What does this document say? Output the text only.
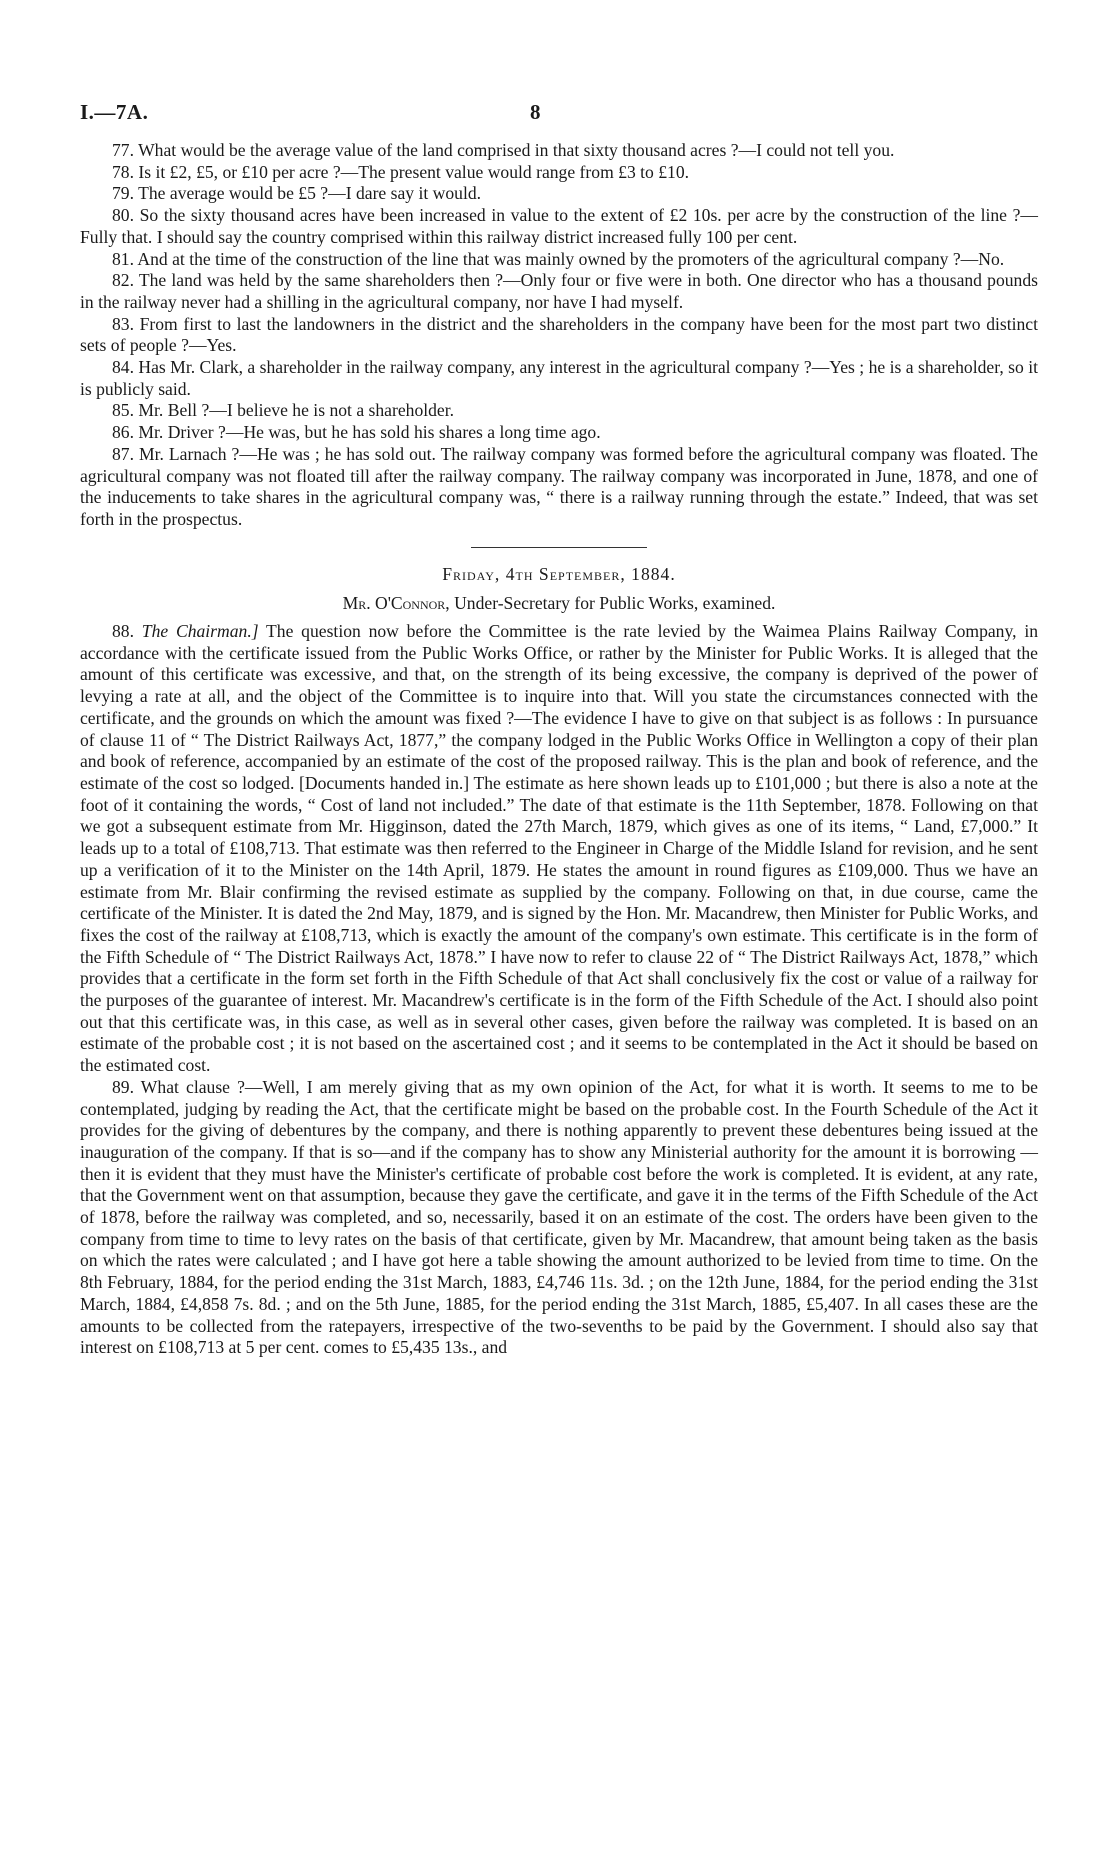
I.—7A.	8

77. What would be the average value of the land comprised in that sixty thousand acres ?—I could not tell you.

78. Is it £2, £5, or £10 per acre ?—The present value would range from £3 to £10.

79. The average would be £5 ?—I dare say it would.

80. So the sixty thousand acres have been increased in value to the extent of £2 10s. per acre by the construction of the line ?—Fully that. I should say the country comprised within this railway district increased fully 100 per cent.

81. And at the time of the construction of the line that was mainly owned by the promoters of the agricultural company ?—No.

82. The land was held by the same shareholders then ?—Only four or five were in both. One director who has a thousand pounds in the railway never had a shilling in the agricultural company, nor have I had myself.

83. From first to last the landowners in the district and the shareholders in the company have been for the most part two distinct sets of people ?—Yes.

84. Has Mr. Clark, a shareholder in the railway company, any interest in the agricultural company ?—Yes ; he is a shareholder, so it is publicly said.

85. Mr. Bell ?—I believe he is not a shareholder.

86. Mr. Driver ?—He was, but he has sold his shares a long time ago.

87. Mr. Larnach ?—He was ; he has sold out. The railway company was formed before the agricultural company was floated. The agricultural company was not floated till after the railway company. The railway company was incorporated in June, 1878, and one of the inducements to take shares in the agricultural company was, “ there is a railway running through the estate.” Indeed, that was set forth in the prospectus.

Friday, 4th September, 1884.

Mr. O'Connor, Under-Secretary for Public Works, examined.

88. The Chairman.] The question now before the Committee is the rate levied by the Waimea Plains Railway Company, in accordance with the certificate issued from the Public Works Office, or rather by the Minister for Public Works. It is alleged that the amount of this certificate was excessive, and that, on the strength of its being excessive, the company is deprived of the power of levying a rate at all, and the object of the Committee is to inquire into that. Will you state the circumstances connected with the certificate, and the grounds on which the amount was fixed ?—The evidence I have to give on that subject is as follows : In pursuance of clause 11 of “ The District Railways Act, 1877,” the company lodged in the Public Works Office in Wellington a copy of their plan and book of reference, accompanied by an estimate of the cost of the proposed railway. This is the plan and book of reference, and the estimate of the cost so lodged. [Documents handed in.] The estimate as here shown leads up to £101,000 ; but there is also a note at the foot of it containing the words, “ Cost of land not included.” The date of that estimate is the 11th September, 1878. Following on that we got a subsequent estimate from Mr. Higginson, dated the 27th March, 1879, which gives as one of its items, “ Land, £7,000.” It leads up to a total of £108,713. That estimate was then referred to the Engineer in Charge of the Middle Island for revision, and he sent up a verification of it to the Minister on the 14th April, 1879. He states the amount in round figures as £109,000. Thus we have an estimate from Mr. Blair confirming the revised estimate as supplied by the company. Following on that, in due course, came the certificate of the Minister. It is dated the 2nd May, 1879, and is signed by the Hon. Mr. Macandrew, then Minister for Public Works, and fixes the cost of the railway at £108,713, which is exactly the amount of the company's own estimate. This certificate is in the form of the Fifth Schedule of “ The District Railways Act, 1878.” I have now to refer to clause 22 of “ The District Railways Act, 1878,” which provides that a certificate in the form set forth in the Fifth Schedule of that Act shall conclusively fix the cost or value of a railway for the purposes of the guarantee of interest. Mr. Macandrew's certificate is in the form of the Fifth Schedule of the Act. I should also point out that this certificate was, in this case, as well as in several other cases, given before the railway was completed. It is based on an estimate of the probable cost ; it is not based on the ascertained cost ; and it seems to be contemplated in the Act it should be based on the estimated cost.

89. What clause ?—Well, I am merely giving that as my own opinion of the Act, for what it is worth. It seems to me to be contemplated, judging by reading the Act, that the certificate might be based on the probable cost. In the Fourth Schedule of the Act it provides for the giving of debentures by the company, and there is nothing apparently to prevent these debentures being issued at the inauguration of the company. If that is so—and if the company has to show any Ministerial authority for the amount it is borrowing — then it is evident that they must have the Minister's certificate of probable cost before the work is completed. It is evident, at any rate, that the Government went on that assumption, because they gave the certificate, and gave it in the terms of the Fifth Schedule of the Act of 1878, before the railway was completed, and so, necessarily, based it on an estimate of the cost. The orders have been given to the company from time to time to levy rates on the basis of that certificate, given by Mr. Macandrew, that amount being taken as the basis on which the rates were calculated ; and I have got here a table showing the amount authorized to be levied from time to time. On the 8th February, 1884, for the period ending the 31st March, 1883, £4,746 11s. 3d. ; on the 12th June, 1884, for the period ending the 31st March, 1884, £4,858 7s. 8d. ; and on the 5th June, 1885, for the period ending the 31st March, 1885, £5,407. In all cases these are the amounts to be collected from the ratepayers, irrespective of the two-sevenths to be paid by the Government. I should also say that interest on £108,713 at 5 per cent. comes to £5,435 13s., and
